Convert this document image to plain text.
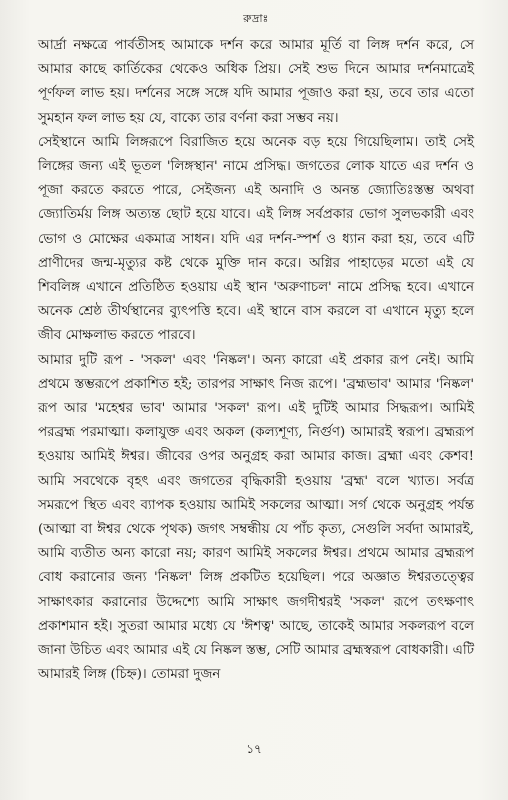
রুদ্রাঃ

আর্দ্রা নক্ষত্রে পার্বতীসহ আমাকে দর্শন করে আমার মূর্তি বা লিঙ্গ দর্শন করে, সে আমার কাছে কার্তিকের থেকেও অধিক প্রিয়। সেই শুভ দিনে আমার দর্শনমাত্রেই পূর্ণফল লাভ হয়। দর্শনের সঙ্গে সঙ্গে যদি আমার পূজাও করা হয়, তবে তার এতো সুমহান ফল লাভ হয় যে, বাক্যে তার বর্ণনা করা সম্ভব নয়।

সেইস্থানে আমি লিঙ্গরূপে বিরাজিত হয়ে অনেক বড় হয়ে গিয়েছিলাম। তাই সেই লিঙ্গের জন্য এই ভূতল 'লিঙ্গস্থান' নামে প্রসিদ্ধ। জগতের লোক যাতে এর দর্শন ও পূজা করতে করতে পারে, সেইজন্য এই অনাদি ও অনন্ত জ্যোতিঃস্তম্ভ অথবা জ্যোতির্ময় লিঙ্গ অত্যন্ত ছোট হয়ে যাবে। এই লিঙ্গ সর্বপ্রকার ভোগ সুলভকারী এবং ভোগ ও মোক্ষের একমাত্র সাধন। যদি এর দর্শন-স্পর্শ ও ধ্যান করা হয়, তবে এটি প্রাণীদের জন্ম-মৃত্যুর কষ্ট থেকে মুক্তি দান করে। অগ্নির পাহাড়ের মতো এই যে শিবলিঙ্গ এখানে প্রতিষ্ঠিত হওয়ায় এই স্থান 'অরুণাচল' নামে প্রসিদ্ধ হবে। এখানে অনেক শ্রেষ্ঠ তীর্থস্থানের ব্যুৎপত্তি হবে। এই স্থানে বাস করলে বা এখানে মৃত্যু হলে জীব মোক্ষলাভ করতে পারবে।

আমার দুটি রূপ - 'সকল' এবং 'নিষ্কল'। অন্য কারো এই প্রকার রূপ নেই। আমি প্রথমে স্তম্ভরূপে প্রকাশিত হই; তারপর সাক্ষাৎ নিজ রূপে। 'ব্রহ্মভাব' আমার 'নিষ্কল' রূপ আর 'মহেশ্বর ভাব' আমার 'সকল' রূপ। এই দুটিই আমার সিদ্ধরূপ। আমিই পরব্রহ্ম পরমাত্মা। কলাযুক্ত এবং অকল (কল্যশূণ্য, নির্গুণ) আমারই স্বরূপ। ব্রহ্মরূপ হওয়ায় আমিই ঈশ্বর। জীবের ওপর অনুগ্রহ করা আমার কাজ। ব্রহ্মা এবং কেশব! আমি সবথেকে বৃহৎ এবং জগতের বৃদ্ধিকারী হওয়ায় 'ব্রহ্ম' বলে খ্যাত। সর্বত্র সমরূপে স্থিত এবং ব্যাপক হওয়ায় আমিই সকলের আত্মা। সর্গ থেকে অনুগ্রহ পর্যন্ত (আত্মা বা ঈশ্বর থেকে পৃথক) জগৎ সম্বন্ধীয় যে পাঁচ কৃত্য, সেগুলি সর্বদা আমারই, আমি ব্যতীত অন্য কারো নয়; কারণ আমিই সকলের ঈশ্বর। প্রথমে আমার ব্রহ্মরূপ বোধ করানোর জন্য 'নিষ্কল' লিঙ্গ প্রকটিত হয়েছিল। পরে অজ্ঞাত ঈশ্বরতত্ত্বের সাক্ষাৎকার করানোর উদ্দেশ্যে আমি সাক্ষাৎ জগদীশ্বরই 'সকল' রূপে তৎক্ষণাৎ প্রকাশমান হই। সুতরা আমার মধ্যে যে 'ঈশত্ব' আছে, তাকেই আমার সকলরূপ বলে জানা উচিত এবং আমার এই যে নিষ্কল স্তম্ভ, সেটি আমার ব্রহ্মস্বরূপ বোধকারী। এটি আমারই লিঙ্গ (চিহ্ন)। তোমরা দুজন

১৭
